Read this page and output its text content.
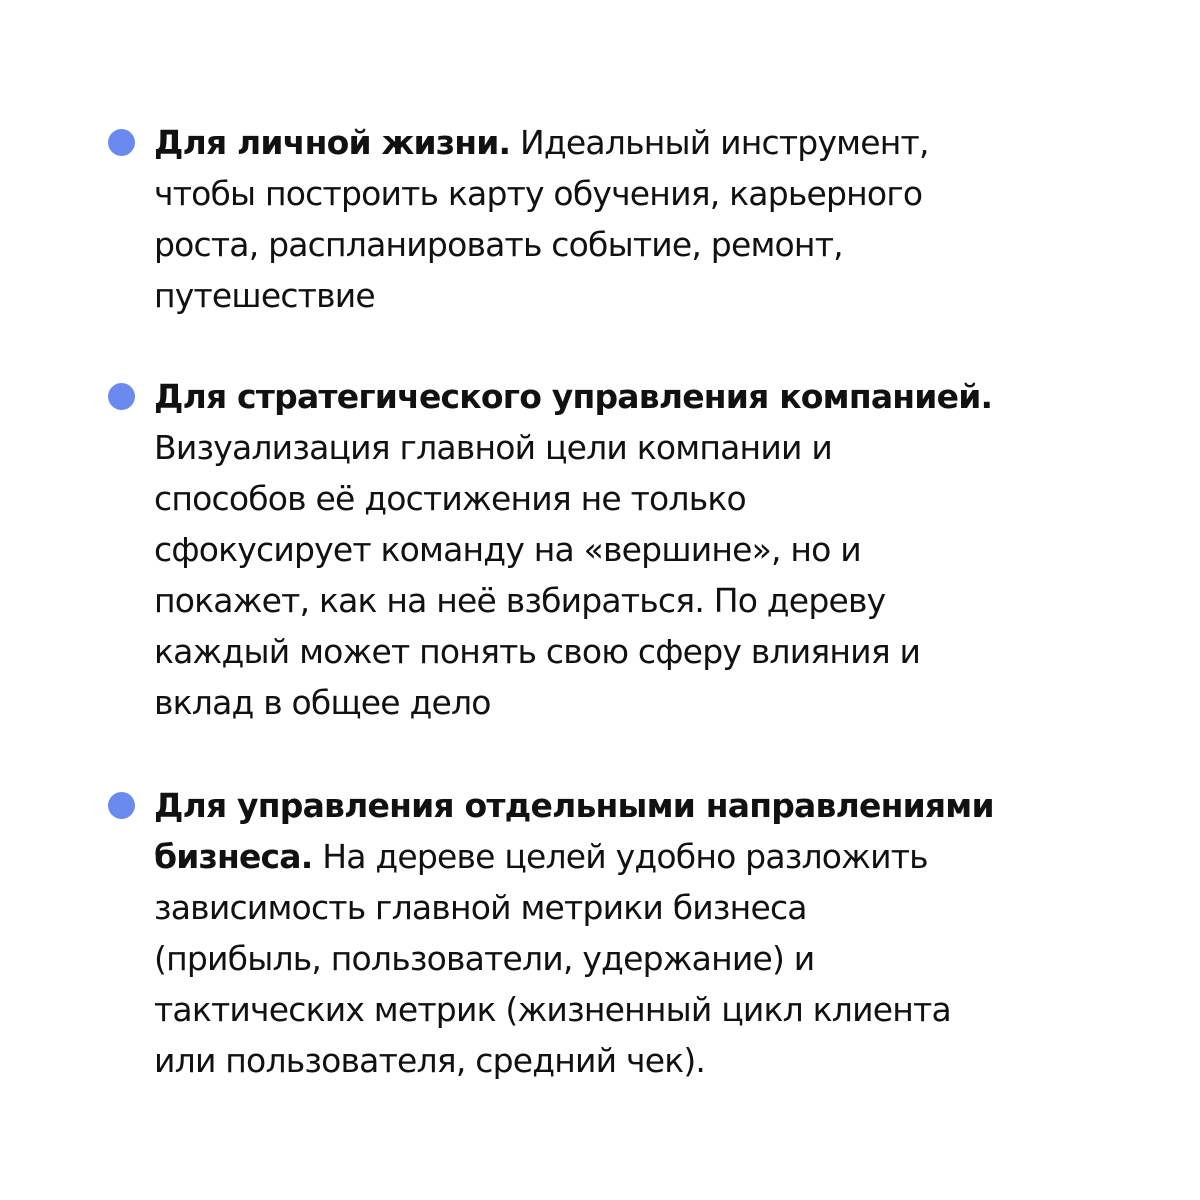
Для личной жизни. Идеальный инструмент,
чтобы построить карту обучения, карьерного
роста, распланировать событие, ремонт,
путешествие

Для стратегического управления компанией.
Визуализация главной цели компании и
способов её достижения не только
сфокусирует команду на «вершине», но и
покажет, как на неё взбираться. По дереву
каждый может понять свою сферу влияния и
вклад в общее дело

Для управления отдельными направлениями
бизнеса. На дереве целей удобно разложить
зависимость главной метрики бизнеса
(прибыль, пользователи, удержание) и
тактических метрик (жизненный цикл клиента
или пользователя, средний чек).
